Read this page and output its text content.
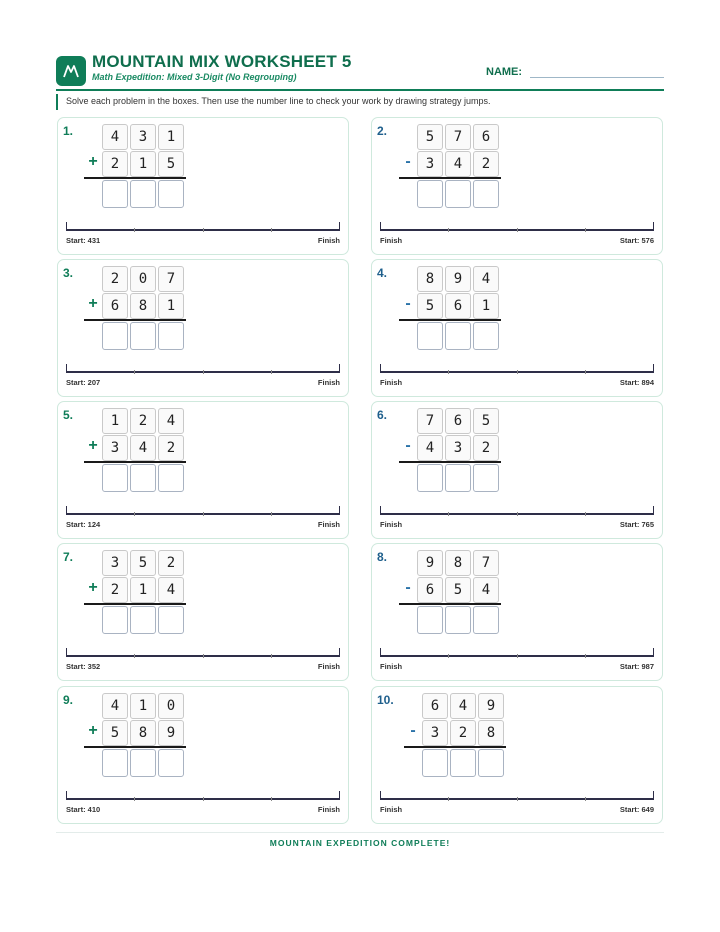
MOUNTAIN MIX WORKSHEET 5
Math Expedition: Mixed 3-Digit (No Regrouping)	NAME:
Solve each problem in the boxes. Then use the number line to check your work by drawing strategy jumps.
1.	4	3	1
+ 2	1	5
Start: 431	Finish
2.	5	7	6
-	3	4	2
Finish	Start: 576
3.	2	0	7
+ 6	8	1
Start: 207	Finish
4.	8	9	4
-	5	6	1
Finish	Start: 894
5.	1	2	4
+ 3	4	2
Start: 124	Finish
6.	7	6	5
-	4	3	2
Finish	Start: 765
7.	3	5	2
+ 2	1	4
Start: 352	Finish
8.	9	8	7
-	6	5	4
Finish	Start: 987
9.	4	1	0
+ 5	8	9
Start: 410	Finish
10.	6	4	9
-	3	2	8
Finish	Start: 649
MOUNTAIN EXPEDITION COMPLETE!
